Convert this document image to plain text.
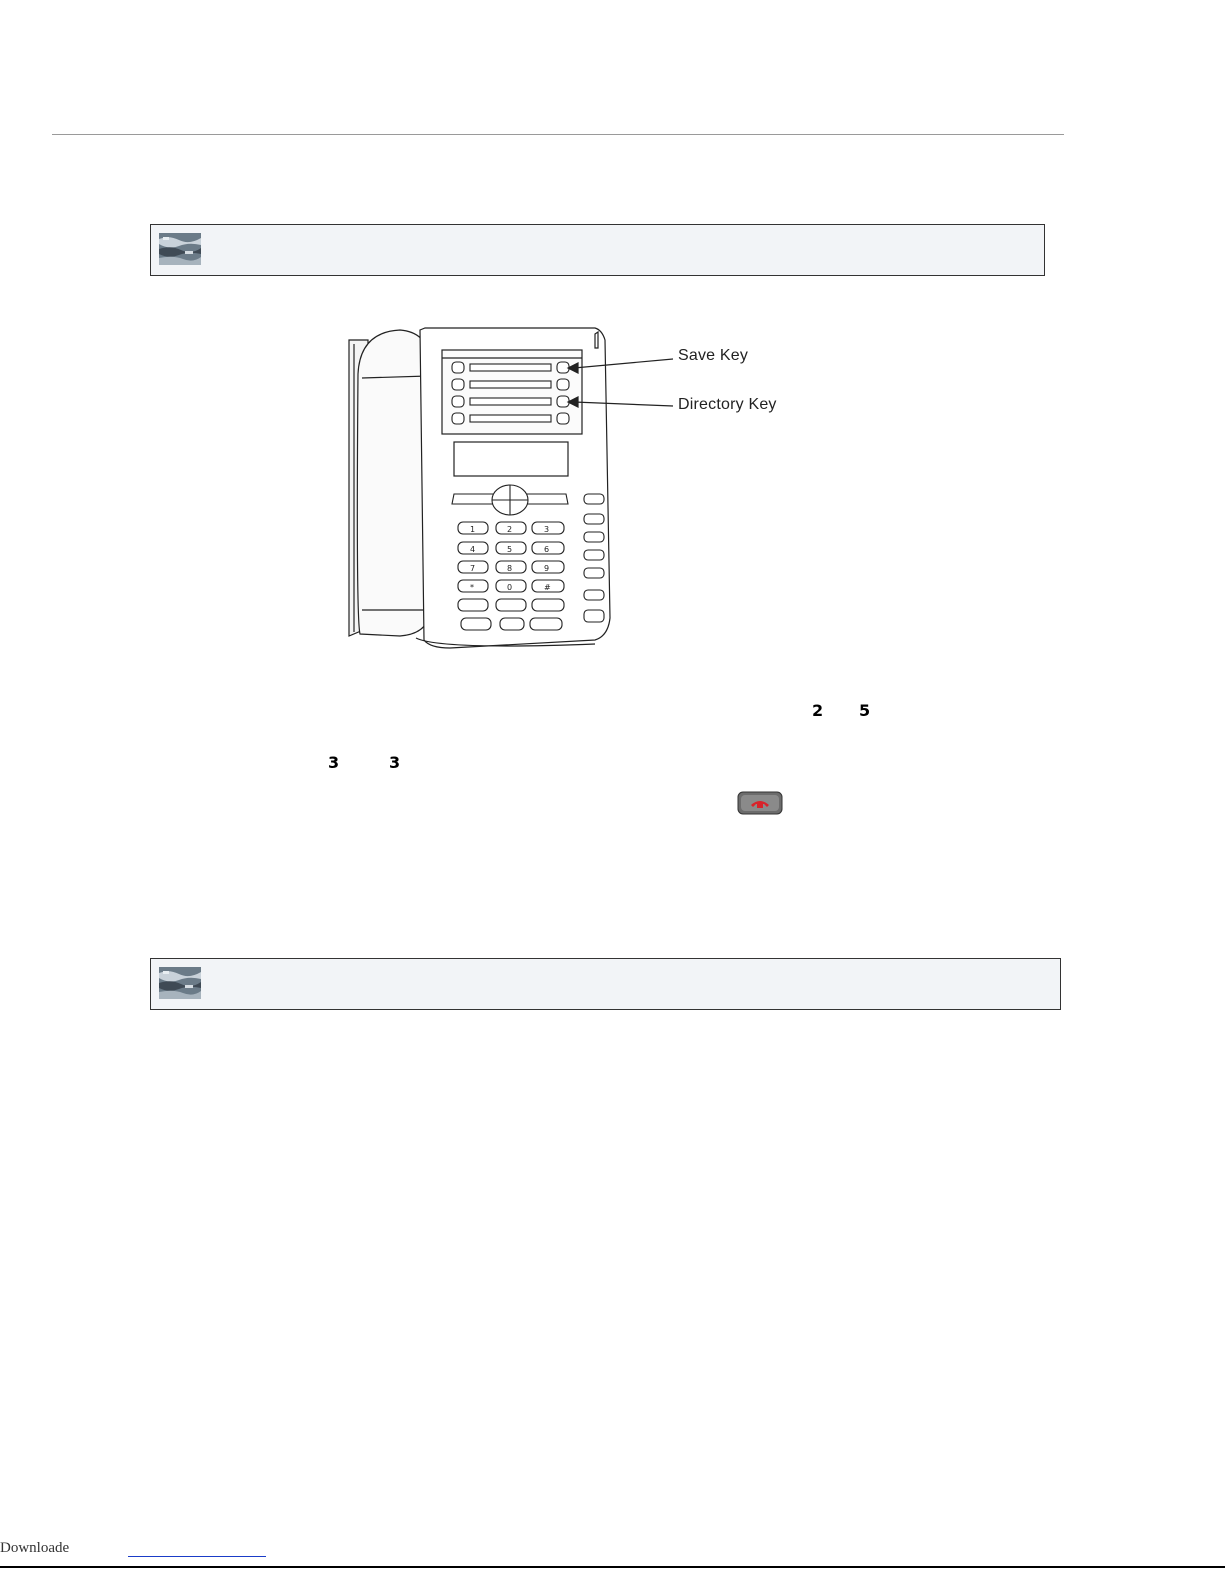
1	2	3
4	5	6
7	8	9
*	0	#
Save Key
Directory Key
2 5
3	3
Downloade
